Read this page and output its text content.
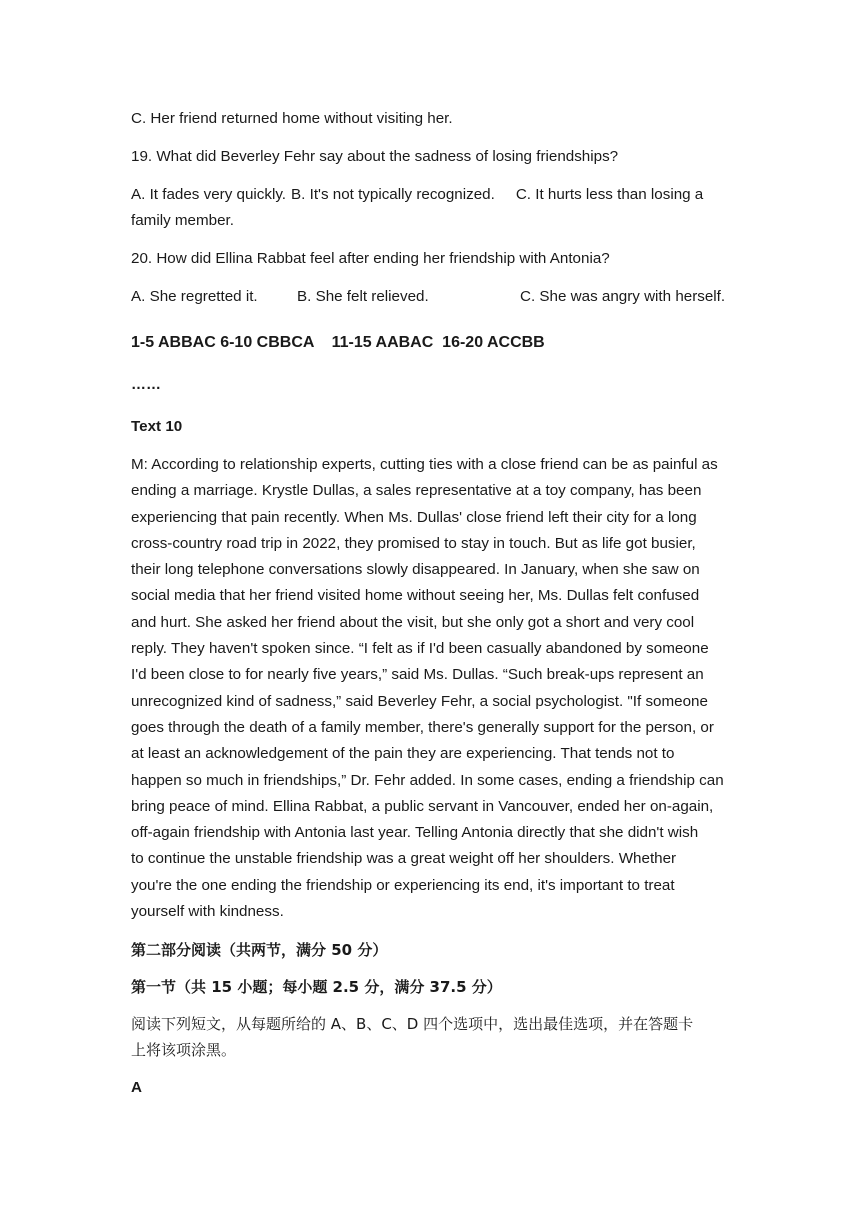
C. Her friend returned home without visiting her.

19. What did Beverley Fehr say about the sadness of losing friendships?

A. It fades very quickly. B. It's not typically recognized. C. It hurts less than losing a

family member.

20. How did Ellina Rabbat feel after ending her friendship with Antonia?

A. She regretted it.	B. She felt relieved.	C. She was angry with herself.
1-5 ABBAC 6-10 CBBCA    11-15 AABAC  16-20 ACCBB
……
Text 10

M: According to relationship experts, cutting ties with a close friend can be as painful as

ending a marriage. Krystle Dullas, a sales representative at a toy company, has been

experiencing that pain recently. When Ms. Dullas' close friend left their city for a long

cross-country road trip in 2022, they promised to stay in touch. But as life got busier,

their long telephone conversations slowly disappeared. In January, when she saw on

social media that her friend visited home without seeing her, Ms. Dullas felt confused

and hurt. She asked her friend about the visit, but she only got a short and very cool

reply. They haven't spoken since. “I felt as if I'd been casually abandoned by someone

I'd been close to for nearly five years,” said Ms. Dullas. “Such break-ups represent an

unrecognized kind of sadness,” said Beverley Fehr, a social psychologist. "If someone

goes through the death of a family member, there's generally support for the person, or

at least an acknowledgement of the pain they are experiencing. That tends not to

happen so much in friendships,” Dr. Fehr added. In some cases, ending a friendship can

bring peace of mind. Ellina Rabbat, a public servant in Vancouver, ended her on-again,

off-again friendship with Antonia last year. Telling Antonia directly that she didn't wish

to continue the unstable friendship was a great weight off her shoulders. Whether

you're the one ending the friendship or experiencing its end, it's important to treat

yourself with kindness.

第二部分阅读（共两节，满分 50 分）
第一节（共 15 小题；每小题 2.5 分，满分 37.5 分）
阅读下列短文，从每题所给的 A、B、C、D 四个选项中，选出最佳选项，并在答题卡
上将该项涂黑。
A
